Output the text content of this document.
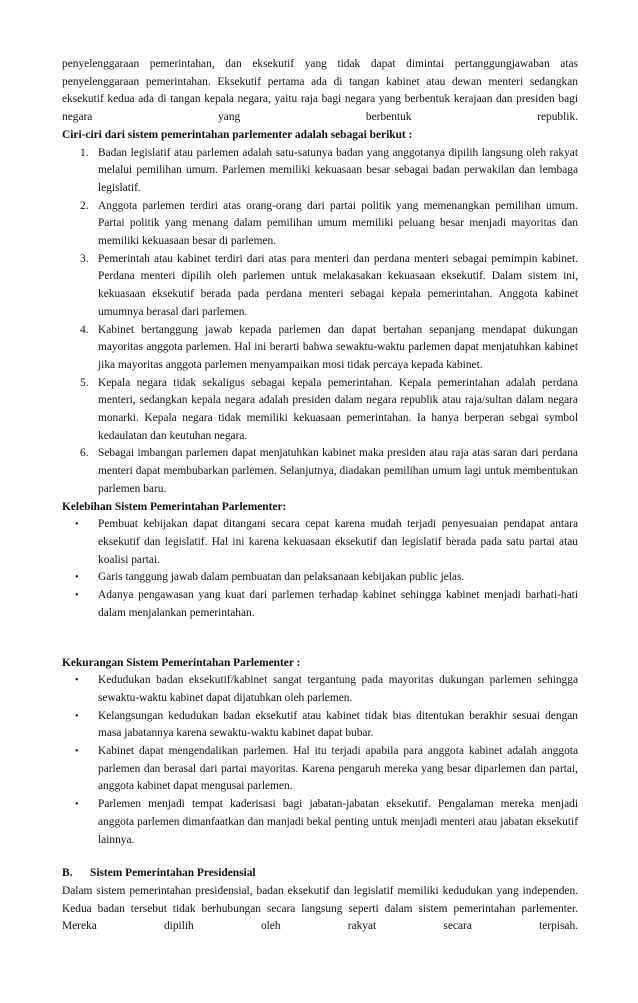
penyelenggaraan pemerintahan, dan eksekutif yang tidak dapat dimintai pertanggungjawaban atas penyelenggaraan pemerintahan. Eksekutif pertama ada di tangan kabinet atau dewan menteri sedangkan eksekutif kedua ada di tangan kepala negara, yaitu raja bagi negara yang berbentuk kerajaan dan presiden bagi negara yang berbentuk republik.

Ciri-ciri dari sistem pemerintahan parlementer adalah sebagai berikut :

1. Badan legislatif atau parlemen adalah satu-satunya badan yang anggotanya dipilih langsung oleh rakyat melalui pemilihan umum. Parlemen memiliki kekuasaan besar sebagai badan perwakilan dan lembaga legislatif.
2. Anggota parlemen terdiri atas orang-orang dari partai politik yang memenangkan pemilihan umum. Partai politik yang menang dalam pemilihan umum memiliki peluang besar menjadi mayoritas dan memiliki kekuasaan besar di parlemen.
3. Pemerintah atau kabinet terdiri dari atas para menteri dan perdana menteri sebagai pemimpin kabinet. Perdana menteri dipilih oleh parlemen untuk melakasakan kekuasaan eksekutif. Dalam sistem ini, kekuasaan eksekutif berada pada perdana menteri sebagai kepala pemerintahan. Anggota kabinet umumnya berasal dari parlemen.
4. Kabinet bertanggung jawab kepada parlemen dan dapat bertahan sepanjang mendapat dukungan mayoritas anggota parlemen. Hal ini berarti bahwa sewaktu-waktu parlemen dapat menjatuhkan kabinet jika mayoritas anggota parlemen menyampaikan mosi tidak percaya kepada kabinet.
5. Kepala negara tidak sekaligus sebagai kepala pemerintahan. Kepala pemerintahan adalah perdana menteri, sedangkan kepala negara adalah presiden dalam negara republik atau raja/sultan dalam negara monarki. Kepala negara tidak memiliki kekuasaan pemerintahan. Ia hanya berperan sebgai symbol kedaulatan dan keutuhan negara.
6. Sebagai imbangan parlemen dapat menjatuhkan kabinet maka presiden atau raja atas saran dari perdana menteri dapat membubarkan parlemen. Selanjutnya, diadakan pemilihan umum lagi untuk membentukan parlemen baru.

Kelebihan Sistem Pemerintahan Parlementer:

• Pembuat kebijakan dapat ditangani secara cepat karena mudah terjadi penyesuaian pendapat antara eksekutif dan legislatif. Hal ini karena kekuasaan eksekutif dan legislatif berada pada satu partai atau koalisi partai.
• Garis tanggung jawab dalam pembuatan dan pelaksanaan kebijakan public jelas.
• Adanya pengawasan yang kuat dari parlemen terhadap kabinet sehingga kabinet menjadi barhati-hati dalam menjalankan pemerintahan.

Kekurangan Sistem Pemerintahan Parlementer :

• Kedudukan badan eksekutif/kabinet sangat tergantung pada mayoritas dukungan parlemen sehingga sewaktu-waktu kabinet dapat dijatuhkan oleh parlemen.
• Kelangsungan kedudukan badan eksekutif atau kabinet tidak bias ditentukan berakhir sesuai dengan masa jabatannya karena sewaktu-waktu kabinet dapat bubar.
• Kabinet dapat mengendalikan parlemen. Hal itu terjadi apabila para anggota kabinet adalah anggota parlemen dan berasal dari partai mayoritas. Karena pengaruh mereka yang besar diparlemen dan partai, anggota kabinet dapat mengusai parlemen.
• Parlemen menjadi tempat kaderisasi bagi jabatan-jabatan eksekutif. Pengalaman mereka menjadi anggota parlemen dimanfaatkan dan manjadi bekal penting untuk menjadi menteri atau jabatan eksekutif lainnya.

B. Sistem Pemerintahan Presidensial

Dalam sistem pemerintahan presidensial, badan eksekutif dan legislatif memiliki kedudukan yang independen. Kedua badan tersebut tidak berhubungan secara langsung seperti dalam sistem pemerintahan parlementer. Mereka dipilih oleh rakyat secara terpisah.
